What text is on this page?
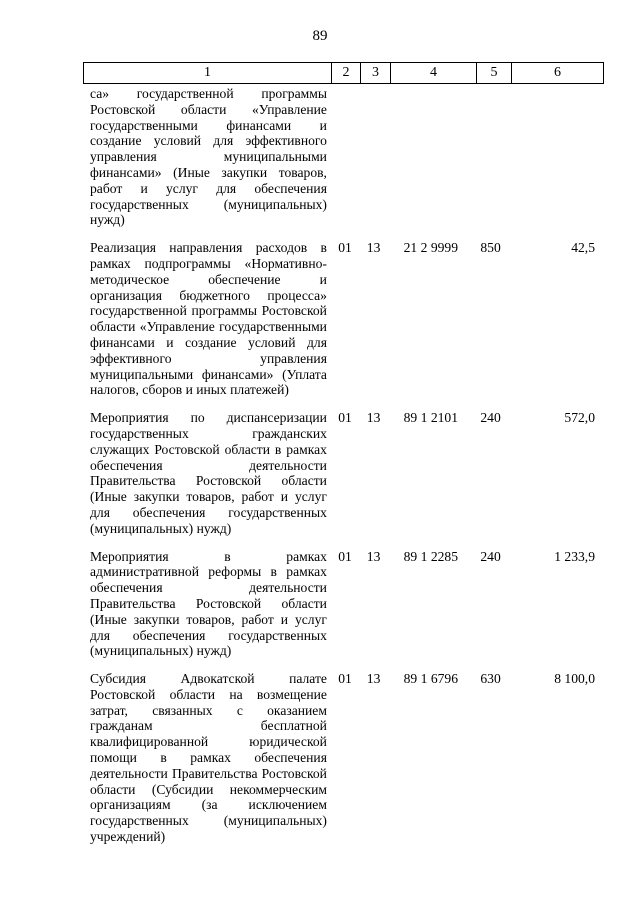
89
1	2	3	4	5	6
са» государственной программы Ростовской области «Управление государственными финансами и создание условий для эффективного управления муниципальными финансами» (Иные закупки товаров, работ и услуг для обеспечения государственных (муниципальных) нужд)					
Реализация направления расходов в рамках подпрограммы «Нормативно-методическое обеспечение и организация бюджетного процесса» государственной программы Ростовской области «Управление государственными финансами и создание условий для эффективного управления муниципальными финансами» (Уплата налогов, сборов и иных платежей)	01	13	21 2 9999	850	42,5
Мероприятия по диспансеризации государственных гражданских служащих Ростовской области в рамках обеспечения деятельности Правительства Ростовской области (Иные закупки товаров, работ и услуг для обеспечения государственных (муниципальных) нужд)	01	13	89 1 2101	240	572,0
Мероприятия в рамках административной реформы в рамках обеспечения деятельности Правительства Ростовской области (Иные закупки товаров, работ и услуг для обеспечения государственных (муниципальных) нужд)	01	13	89 1 2285	240	1 233,9
Субсидия Адвокатской палате Ростовской области на возмещение затрат, связанных с оказанием гражданам бесплатной квалифицированной юридической помощи в рамках обеспечения деятельности Правительства Ростовской области (Субсидии некоммерческим организациям (за исключением государственных (муниципальных) учреждений)	01	13	89 1 6796	630	8 100,0
